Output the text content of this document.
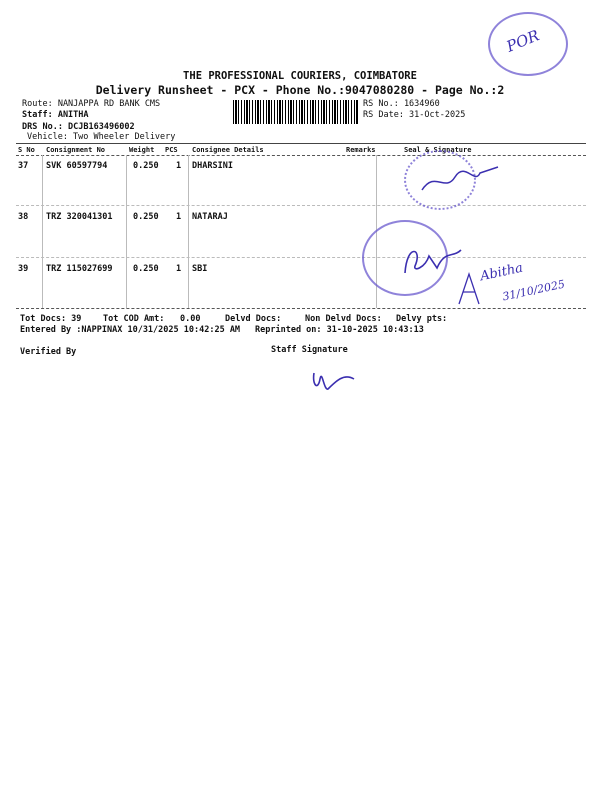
POR
THE PROFESSIONAL COURIERS, COIMBATORE
Delivery Runsheet - PCX - Phone No.:9047080280 - Page No.:2
Route: NANJAPPA RD BANK CMS
Staff: ANITHA
DRS No.: DCJB163496002
Vehicle: Two Wheeler Delivery
RS No.: 1634960
RS Date: 31-Oct-2025
S No Consignment No	Weight PCS Consignee Details	Remarks	Seal & Signature
37 SVK 60597794	0.250 1 DHARSINI
38 TRZ 320041301 0.250 1 NATARAJ
39 TRZ 115027699 0.250 1 SBI	Abitha
31/10/2025
Tot Docs: 39	Tot COD Amt: 0.00	Delvd Docs:	Non Delvd Docs: Delvy pts:
Entered By :NAPPINAX 10/31/2025 10:42:25 AM Reprinted on: 31-10-2025 10:43:13
Verified By	Staff Signature
